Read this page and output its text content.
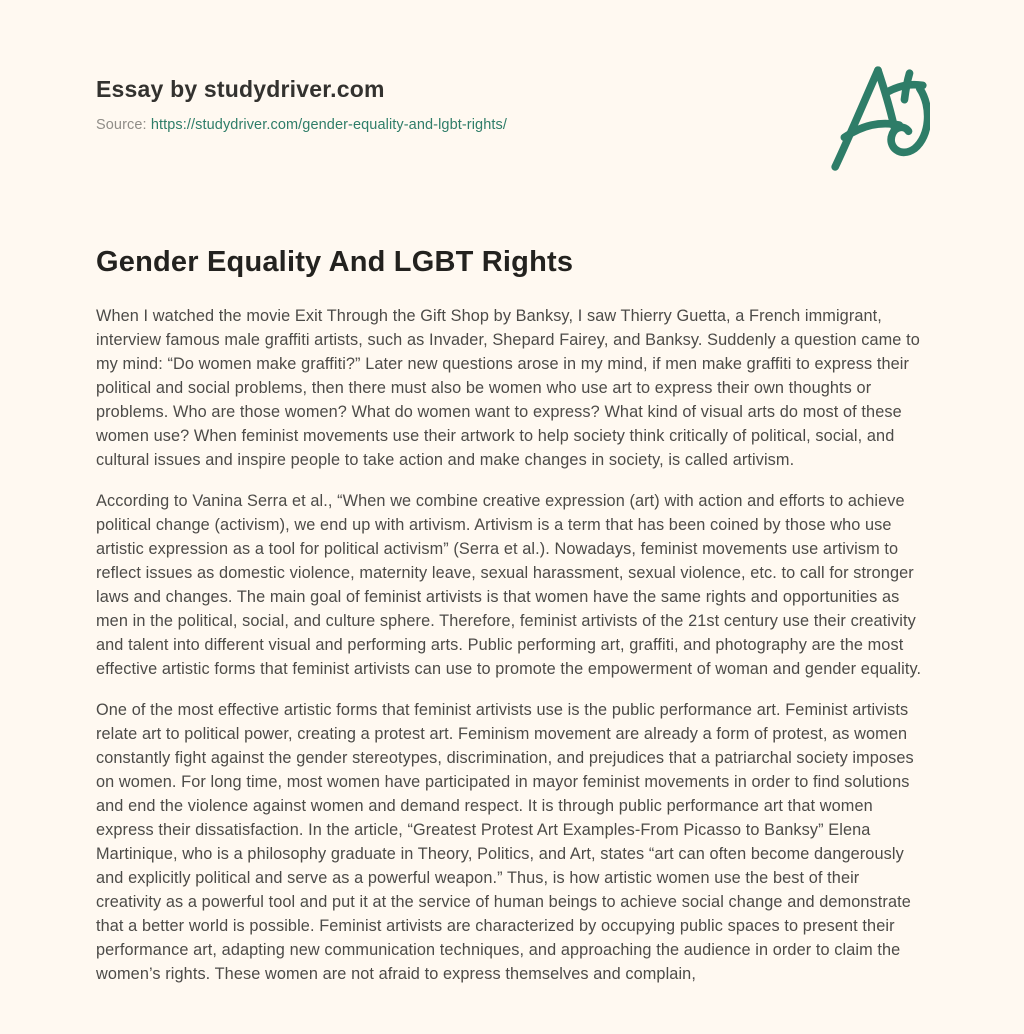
Essay by studydriver.com
Source: https://studydriver.com/gender-equality-and-lgbt-rights/
Gender Equality And LGBT Rights

When I watched the movie Exit Through the Gift Shop by Banksy, I saw Thierry Guetta, a French immigrant, interview famous male graffiti artists, such as Invader, Shepard Fairey, and Banksy. Suddenly a question came to my mind: “Do women make graffiti?” Later new questions arose in my mind, if men make graffiti to express their political and social problems, then there must also be women who use art to express their own thoughts or problems. Who are those women? What do women want to express? What kind of visual arts do most of these women use? When feminist movements use their artwork to help society think critically of political, social, and cultural issues and inspire people to take action and make changes in society, is called artivism.

According to Vanina Serra et al., “When we combine creative expression (art) with action and efforts to achieve political change (activism), we end up with artivism. Artivism is a term that has been coined by those who use artistic expression as a tool for political activism” (Serra et al.). Nowadays, feminist movements use artivism to reflect issues as domestic violence, maternity leave, sexual harassment, sexual violence, etc. to call for stronger laws and changes. The main goal of feminist artivists is that women have the same rights and opportunities as men in the political, social, and culture sphere. Therefore, feminist artivists of the 21st century use their creativity and talent into different visual and performing arts. Public performing art, graffiti, and photography are the most effective artistic forms that feminist artivists can use to promote the empowerment of woman and gender equality.

One of the most effective artistic forms that feminist artivists use is the public performance art. Feminist artivists relate art to political power, creating a protest art. Feminism movement are already a form of protest, as women constantly fight against the gender stereotypes, discrimination, and prejudices that a patriarchal society imposes on women. For long time, most women have participated in mayor feminist movements in order to find solutions and end the violence against women and demand respect. It is through public performance art that women express their dissatisfaction. In the article, “Greatest Protest Art Examples-From Picasso to Banksy” Elena Martinique, who is a philosophy graduate in Theory, Politics, and Art, states “art can often become dangerously and explicitly political and serve as a powerful weapon.” Thus, is how artistic women use the best of their creativity as a powerful tool and put it at the service of human beings to achieve social change and demonstrate that a better world is possible. Feminist artivists are characterized by occupying public spaces to present their performance art, adapting new communication techniques, and approaching the audience in order to claim the women’s rights. These women are not afraid to express themselves and complain,
